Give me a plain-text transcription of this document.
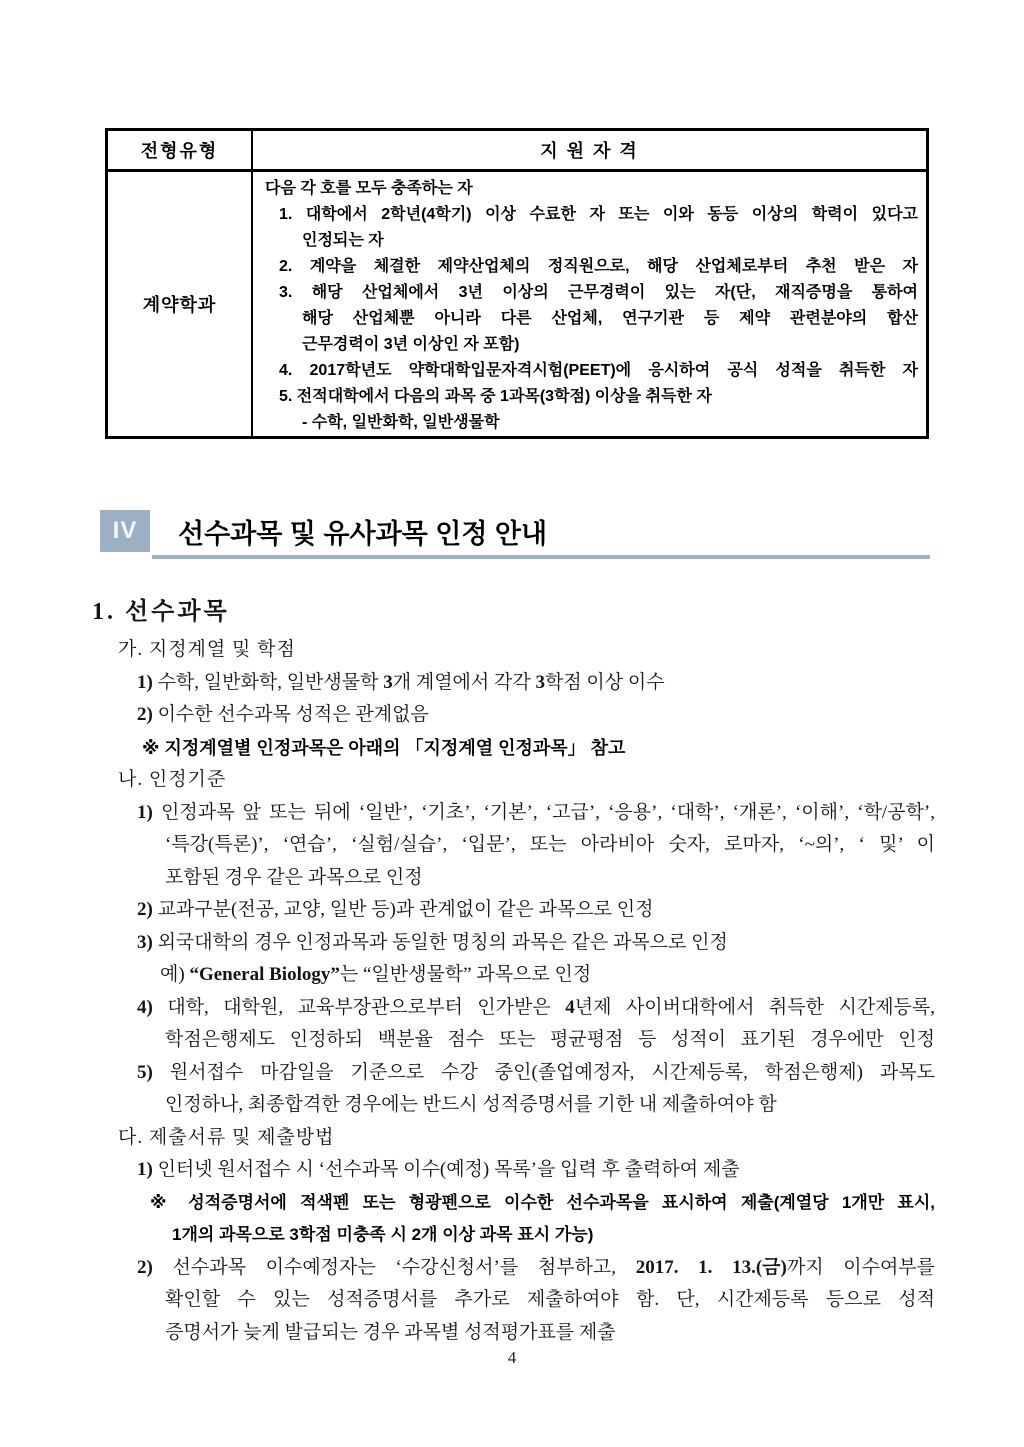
전형유형	지 원 자 격
계약학과
다음 각 호를 모두 충족하는 자
1. 대학에서 2학년(4학기) 이상 수료한 자 또는 이와 동등 이상의 학력이 있다고
인정되는 자
2. 계약을 체결한 제약산업체의 정직원으로, 해당 산업체로부터 추천 받은 자
3. 해당 산업체에서 3년 이상의 근무경력이 있는 자(단, 재직증명을 통하여
해당 산업체뿐 아니라 다른 산업체, 연구기관 등 제약 관련분야의 합산
근무경력이 3년 이상인 자 포함)
4. 2017학년도 약학대학입문자격시험(PEET)에 응시하여 공식 성적을 취득한 자
5. 전적대학에서 다음의 과목 중 1과목(3학점) 이상을 취득한 자
- 수학, 일반화학, 일반생물학
IV	선수과목 및 유사과목 인정 안내
1. 선수과목
가. 지정계열 및 학점
1) 수학, 일반화학, 일반생물학 3개 계열에서 각각 3학점 이상 이수
2) 이수한 선수과목 성적은 관계없음
※ 지정계열별 인정과목은 아래의 「지정계열 인정과목」 참고
나. 인정기준
1) 인정과목 앞 또는 뒤에 ‘일반’, ‘기초’, ‘기본’, ‘고급’, ‘응용’, ‘대학’, ‘개론’, ‘이해’, ‘학/공학’,
‘특강(특론)’, ‘연습’, ‘실험/실습’, ‘입문’, 또는 아라비아 숫자, 로마자, ‘~의’, ‘ 및’ 이
포함된 경우 같은 과목으로 인정
2) 교과구분(전공, 교양, 일반 등)과 관계없이 같은 과목으로 인정
3) 외국대학의 경우 인정과목과 동일한 명칭의 과목은 같은 과목으로 인정
예) “General Biology”는 “일반생물학” 과목으로 인정
4) 대학, 대학원, 교육부장관으로부터 인가받은 4년제 사이버대학에서 취득한 시간제등록,
학점은행제도 인정하되 백분율 점수 또는 평균평점 등 성적이 표기된 경우에만 인정
5) 원서접수 마감일을 기준으로 수강 중인(졸업예정자, 시간제등록, 학점은행제) 과목도
인정하나, 최종합격한 경우에는 반드시 성적증명서를 기한 내 제출하여야 함
다. 제출서류 및 제출방법
1) 인터넷 원서접수 시 ‘선수과목 이수(예정) 목록’을 입력 후 출력하여 제출
※ 성적증명서에 적색펜 또는 형광펜으로 이수한 선수과목을 표시하여 제출(계열당 1개만 표시,
1개의 과목으로 3학점 미충족 시 2개 이상 과목 표시 가능)
2) 선수과목 이수예정자는 ‘수강신청서’를 첨부하고, 2017. 1. 13.(금)까지 이수여부를
확인할 수 있는 성적증명서를 추가로 제출하여야 함. 단, 시간제등록 등으로 성적
증명서가 늦게 발급되는 경우 과목별 성적평가표를 제출
4
